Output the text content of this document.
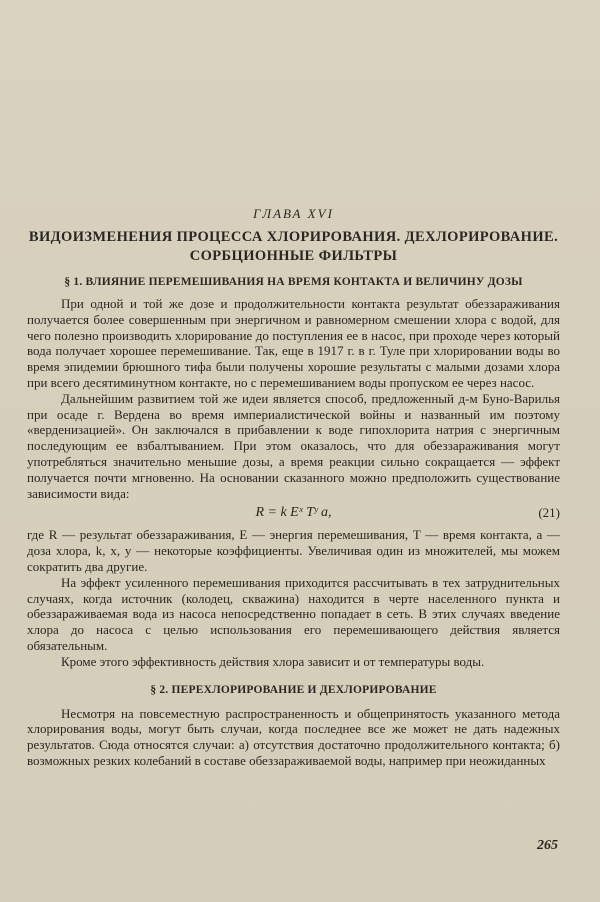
ГЛАВА XVI
ВИДОИЗМЕНЕНИЯ ПРОЦЕССА ХЛОРИРОВАНИЯ. ДЕХЛОРИРОВАНИЕ. СОРБЦИОННЫЕ ФИЛЬТРЫ
§ 1. ВЛИЯНИЕ ПЕРЕМЕШИВАНИЯ НА ВРЕМЯ КОНТАКТА И ВЕЛИЧИНУ ДОЗЫ

При одной и той же дозе и продолжительности контакта результат обеззараживания получается более совершенным при энергичном и равномерном смешении хлора с водой, для чего полезно производить хлорирование до поступления ее в насос, при проходе через который вода получает хорошее перемешивание. Так, еще в 1917 г. в г. Туле при хлорировании воды во время эпидемии брюшного тифа были получены хорошие результаты с малыми дозами хлора при всего десятиминутном контакте, но с перемешиванием воды пропуском ее через насос.

Дальнейшим развитием той же идеи является способ, предложенный д-м Буно-Варилья при осаде г. Вердена во время империалистической войны и названный им поэтому «верденизацией». Он заключался в прибавлении к воде гипохлорита натрия с энергичным последующим ее взбалтыванием. При этом оказалось, что для обеззараживания могут употребляться значительно меньшие дозы, а время реакции сильно сокращается — эффект получается почти мгновенно. На основании сказанного можно предположить существование зависимости вида:

R = k Eˣ Tʸ a,	(21)

где R — результат обеззараживания, E — энергия перемешивания, T — время контакта, a — доза хлора, k, x, y — некоторые коэффициенты. Увеличивая один из множителей, мы можем сократить два другие.

На эффект усиленного перемешивания приходится рассчитывать в тех затруднительных случаях, когда источник (колодец, скважина) находится в черте населенного пункта и обеззараживаемая вода из насоса непосредственно попадает в сеть. В этих случаях введение хлора до насоса с целью использования его перемешивающего действия является обязательным.

Кроме этого эффективность действия хлора зависит и от температуры воды.

§ 2. ПЕРЕХЛОРИРОВАНИЕ И ДЕХЛОРИРОВАНИЕ

Несмотря на повсеместную распространенность и общепринятость указанного метода хлорирования воды, могут быть случаи, когда последнее все же может не дать надежных результатов. Сюда относятся случаи: а) отсутствия достаточно продолжительного контакта; б) возможных резких колебаний в составе обеззараживаемой воды, например при неожиданных

265
